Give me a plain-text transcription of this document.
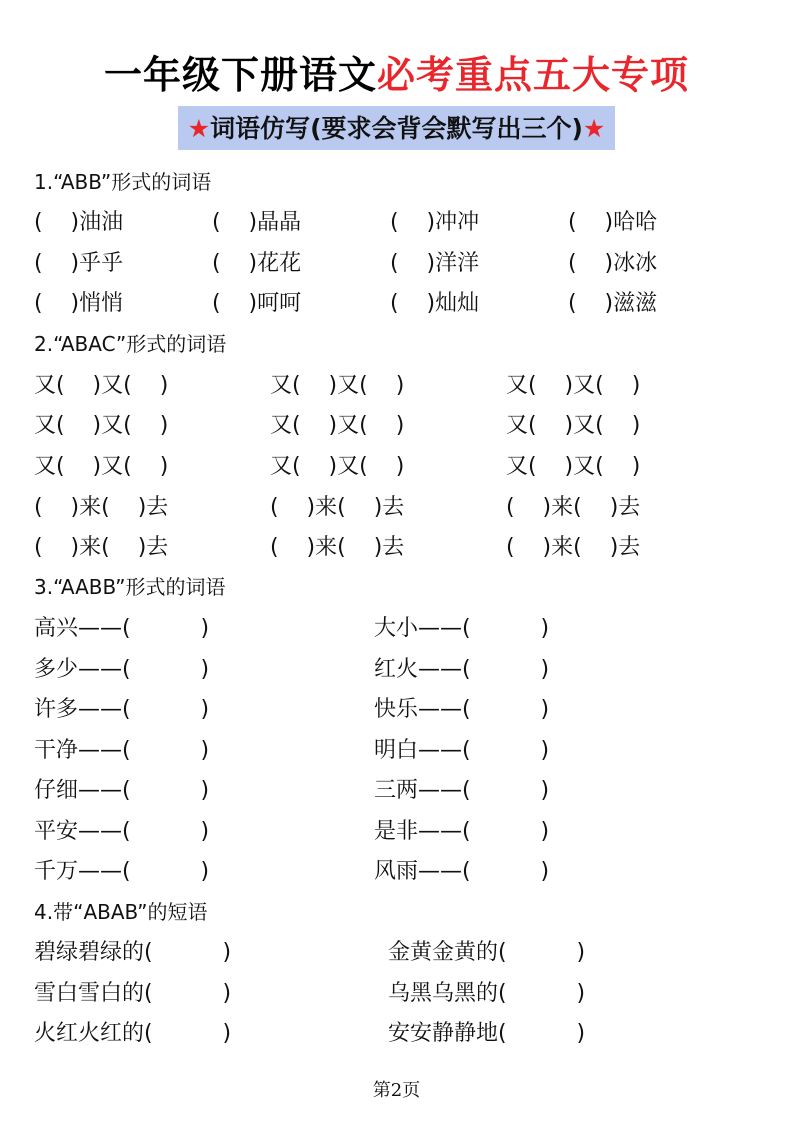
一年级下册语文必考重点五大专项
★词语仿写(要求会背会默写出三个)★
1.“ABB”形式的词语
(    )油油	(    )晶晶	(    )冲冲	(    )哈哈
(    )乎乎	(    )花花	(    )洋洋	(    )冰冰
(    )悄悄	(    )呵呵	(    )灿灿	(    )滋滋
2.“ABAC”形式的词语
又(    )又(    )	又(    )又(    )	又(    )又(    )
又(    )又(    )	又(    )又(    )	又(    )又(    )
又(    )又(    )	又(    )又(    )	又(    )又(    )
(    )来(    )去	(    )来(    )去	(    )来(    )去
(    )来(    )去	(    )来(    )去	(    )来(    )去
3.“AABB”形式的词语
高兴——(          )	大小——(          )
多少——(          )	红火——(          )
许多——(          )	快乐——(          )
干净——(          )	明白——(          )
仔细——(          )	三两——(          )
平安——(          )	是非——(          )
千万——(          )	风雨——(          )
4.带“ABAB”的短语
碧绿碧绿的(          )	金黄金黄的(          )
雪白雪白的(          )	乌黑乌黑的(          )
火红火红的(          )	安安静静地(          )
第2页
